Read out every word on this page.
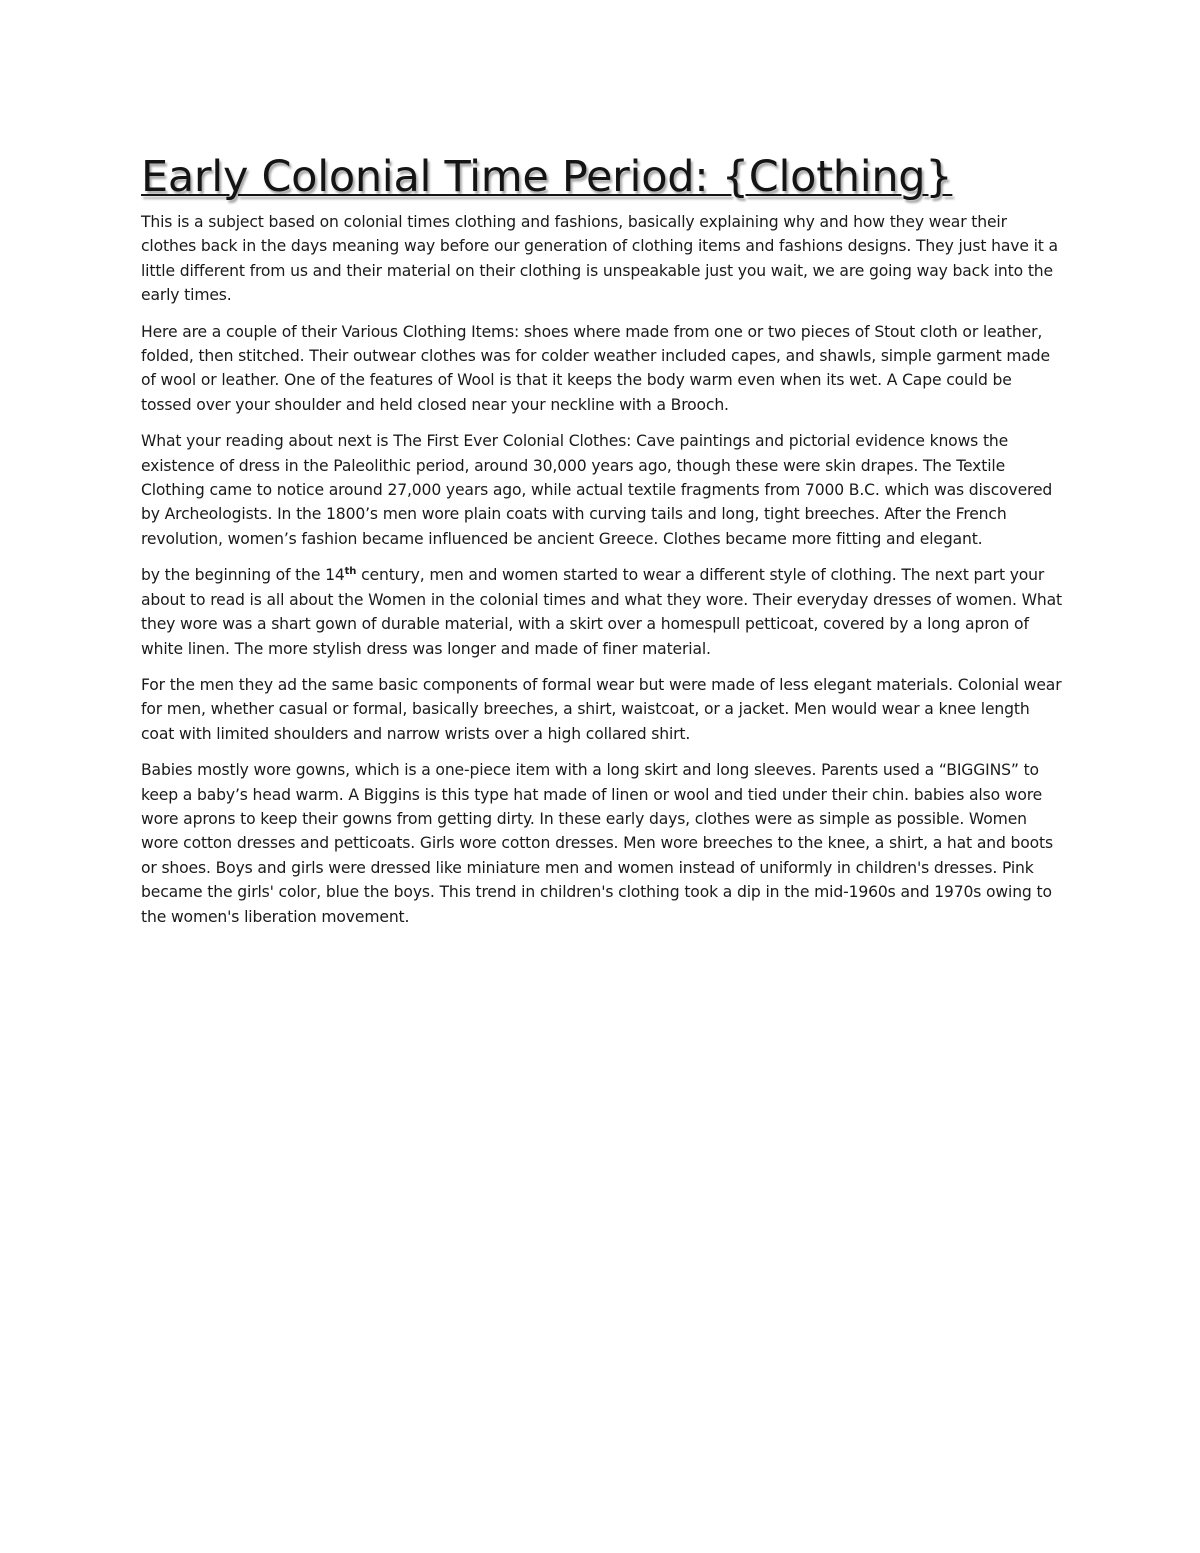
Early Colonial Time Period: {Clothing}

This is a subject based on colonial times clothing and fashions, basically explaining why and how they wear their clothes back in the days meaning way before our generation of clothing items and fashions designs. They just have it a little different from us and their material on their clothing is unspeakable just you wait, we are going way back into the early times.

Here are a couple of their Various Clothing Items: shoes where made from one or two pieces of Stout cloth or leather, folded, then stitched. Their outwear clothes was for colder weather included capes, and shawls, simple garment made of wool or leather. One of the features of Wool is that it keeps the body warm even when its wet. A Cape could be tossed over your shoulder and held closed near your neckline with a Brooch.

What your reading about next is The First Ever Colonial Clothes: Cave paintings and pictorial evidence knows the existence of dress in the Paleolithic period, around 30,000 years ago, though these were skin drapes. The Textile Clothing came to notice around 27,000 years ago, while actual textile fragments from 7000 B.C. which was discovered by Archeologists. In the 1800’s men wore plain coats with curving tails and long, tight breeches. After the French revolution, women’s fashion became influenced be ancient Greece. Clothes became more fitting and elegant.

by the beginning of the 14th century, men and women started to wear a different style of clothing. The next part your about to read is all about the Women in the colonial times and what they wore. Their everyday dresses of women. What they wore was a shart gown of durable material, with a skirt over a homespull petticoat, covered by a long apron of white linen. The more stylish dress was longer and made of finer material.

For the men they ad the same basic components of formal wear but were made of less elegant materials. Colonial wear for men, whether casual or formal, basically breeches, a shirt, waistcoat, or a jacket. Men would wear a knee length coat with limited shoulders and narrow wrists over a high collared shirt.

Babies mostly wore gowns, which is a one-piece item with a long skirt and long sleeves. Parents used a “BIGGINS” to keep a baby’s head warm. A Biggins is this type hat made of linen or wool and tied under their chin. babies also wore wore aprons to keep their gowns from getting dirty. In these early days, clothes were as simple as possible. Women wore cotton dresses and petticoats. Girls wore cotton dresses. Men wore breeches to the knee, a shirt, a hat and boots or shoes. Boys and girls were dressed like miniature men and women instead of uniformly in children's dresses. Pink became the girls' color, blue the boys. This trend in children's clothing took a dip in the mid-1960s and 1970s owing to the women's liberation movement.
